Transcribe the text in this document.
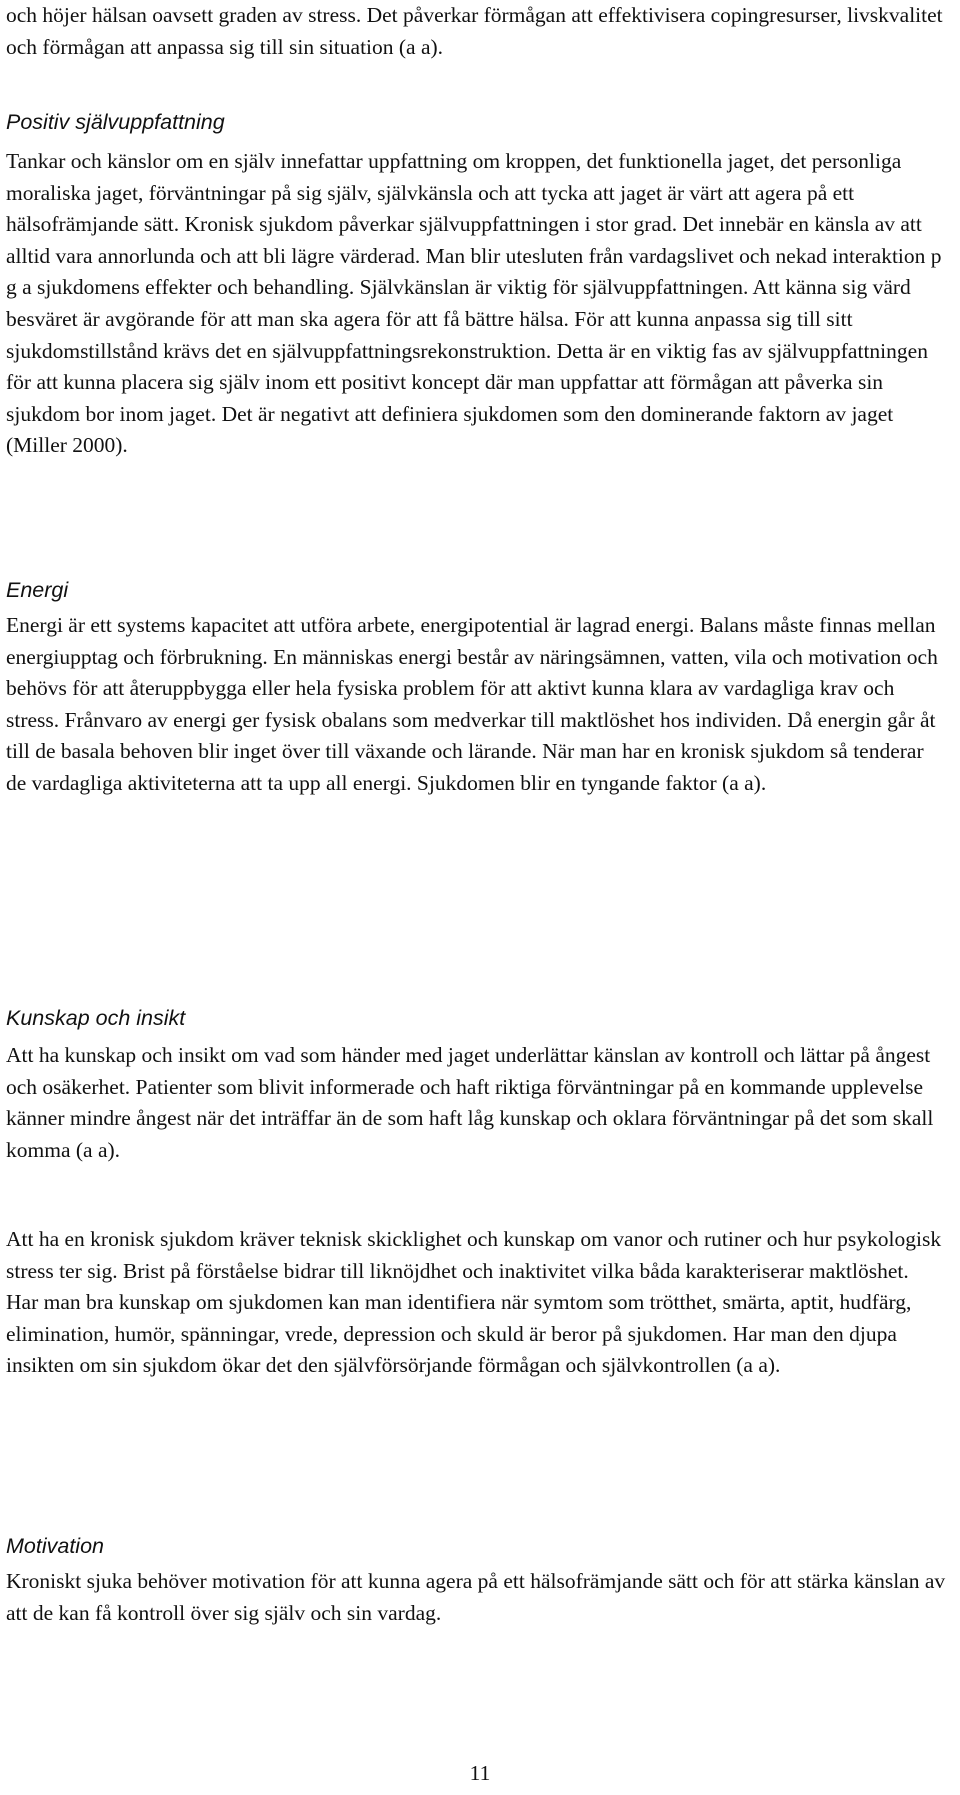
och höjer hälsan oavsett graden av stress. Det påverkar förmågan att effektivisera copingresurser, livskvalitet och förmågan att anpassa sig till sin situation (a a).

Positiv självuppfattning

Tankar och känslor om en själv innefattar uppfattning om kroppen, det funktionella jaget, det personliga moraliska jaget, förväntningar på sig själv, självkänsla och att tycka att jaget är värt att agera på ett hälsofrämjande sätt. Kronisk sjukdom påverkar självuppfattningen i stor grad. Det innebär en känsla av att alltid vara annorlunda och att bli lägre värderad. Man blir utesluten från vardagslivet och nekad interaktion p g a sjukdomens effekter och behandling. Självkänslan är viktig för självuppfattningen. Att känna sig värd besväret är avgörande för att man ska agera för att få bättre hälsa. För att kunna anpassa sig till sitt sjukdomstillstånd krävs det en självuppfattningsrekonstruktion. Detta är en viktig fas av självuppfattningen för att kunna placera sig själv inom ett positivt koncept där man uppfattar att förmågan att påverka sin sjukdom bor inom jaget. Det är negativt att definiera sjukdomen som den dominerande faktorn av jaget (Miller 2000).

Energi

Energi är ett systems kapacitet att utföra arbete, energipotential är lagrad energi. Balans måste finnas mellan energiupptag och förbrukning. En människas energi består av näringsämnen, vatten, vila och motivation och behövs för att återuppbygga eller hela fysiska problem för att aktivt kunna klara av vardagliga krav och stress. Frånvaro av energi ger fysisk obalans som medverkar till maktlöshet hos individen. Då energin går åt till de basala behoven blir inget över till växande och lärande. När man har en kronisk sjukdom så tenderar de vardagliga aktiviteterna att ta upp all energi. Sjukdomen blir en tyngande faktor (a a).

Kunskap och insikt

Att ha kunskap och insikt om vad som händer med jaget underlättar känslan av kontroll och lättar på ångest och osäkerhet. Patienter som blivit informerade och haft riktiga förväntningar på en kommande upplevelse känner mindre ångest när det inträffar än de som haft låg kunskap och oklara förväntningar på det som skall komma (a a).

Att ha en kronisk sjukdom kräver teknisk skicklighet och kunskap om vanor och rutiner och hur psykologisk stress ter sig. Brist på förståelse bidrar till liknöjdhet och inaktivitet vilka båda karakteriserar maktlöshet. Har man bra kunskap om sjukdomen kan man identifiera när symtom som trötthet, smärta, aptit, hudfärg, elimination, humör, spänningar, vrede, depression och skuld är beror på sjukdomen. Har man den djupa insikten om sin sjukdom ökar det den självförsörjande förmågan och självkontrollen (a a).

Motivation

Kroniskt sjuka behöver motivation för att kunna agera på ett hälsofrämjande sätt och för att stärka känslan av att de kan få kontroll över sig själv och sin vardag.

11
